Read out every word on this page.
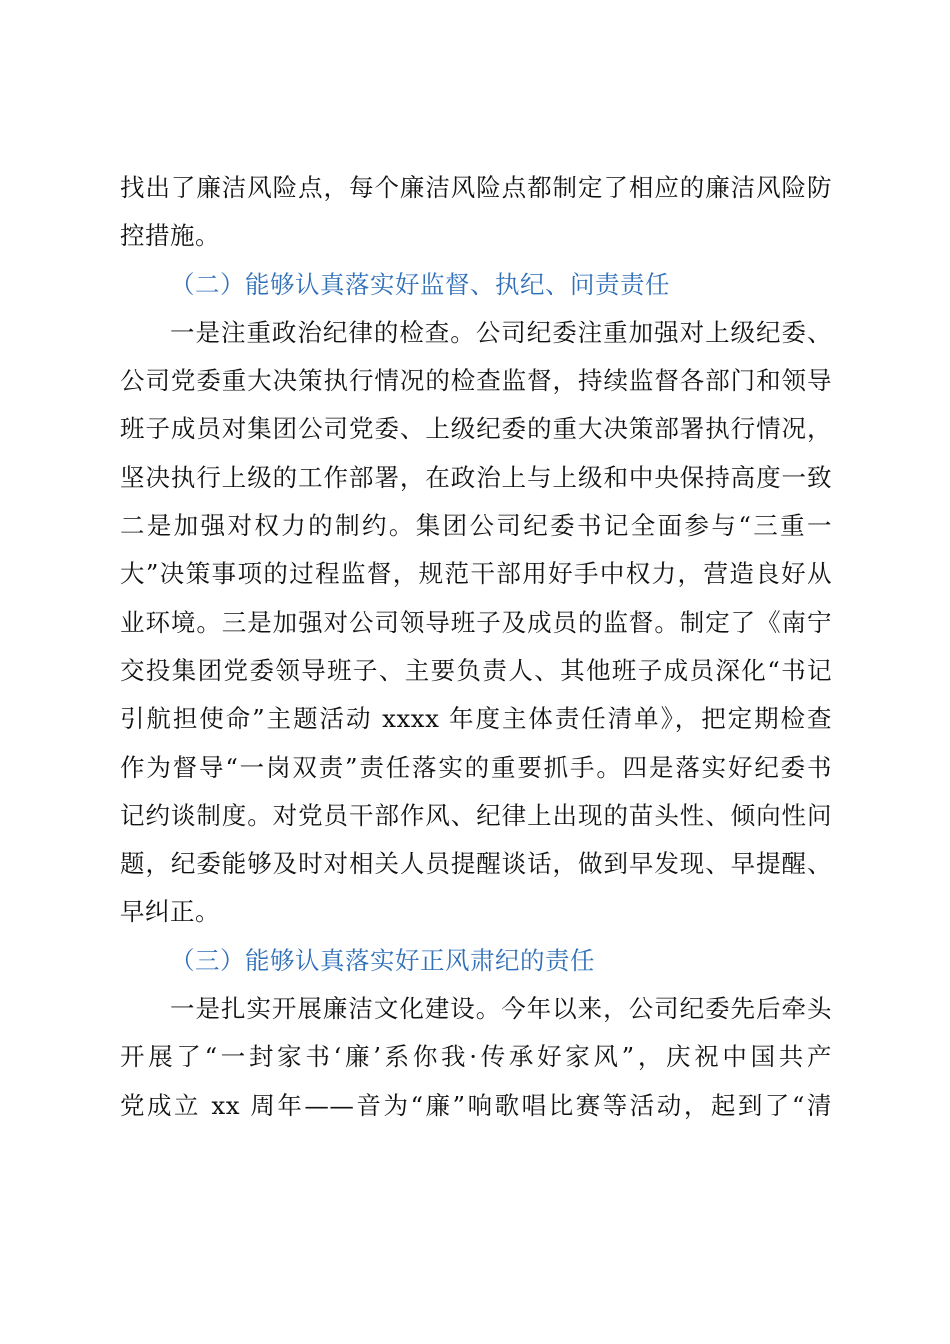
找出了廉洁风险点，每个廉洁风险点都制定了相应的廉洁风险防
控措施。
（二）能够认真落实好监督、执纪、问责责任
一是注重政治纪律的检查。公司纪委注重加强对上级纪委、
公司党委重大决策执行情况的检查监督，持续监督各部门和领导
班子成员对集团公司党委、上级纪委的重大决策部署执行情况，
坚决执行上级的工作部署，在政治上与上级和中央保持高度一致
二是加强对权力的制约。集团公司纪委书记全面参与“三重一
大”决策事项的过程监督，规范干部用好手中权力，营造良好从
业环境。三是加强对公司领导班子及成员的监督。制定了《南宁
交投集团党委领导班子、主要负责人、其他班子成员深化“书记
引航担使命”主题活动 xxxx 年度主体责任清单》，把定期检查
作为督导“一岗双责”责任落实的重要抓手。四是落实好纪委书
记约谈制度。对党员干部作风、纪律上出现的苗头性、倾向性问
题，纪委能够及时对相关人员提醒谈话，做到早发现、早提醒、
早纠正。
（三）能够认真落实好正风肃纪的责任
一是扎实开展廉洁文化建设。今年以来，公司纪委先后牵头
开展了“一封家书‘廉’系你我·传承好家风”，庆祝中国共产
党成立 xx 周年——音为“廉”响歌唱比赛等活动，起到了“清
